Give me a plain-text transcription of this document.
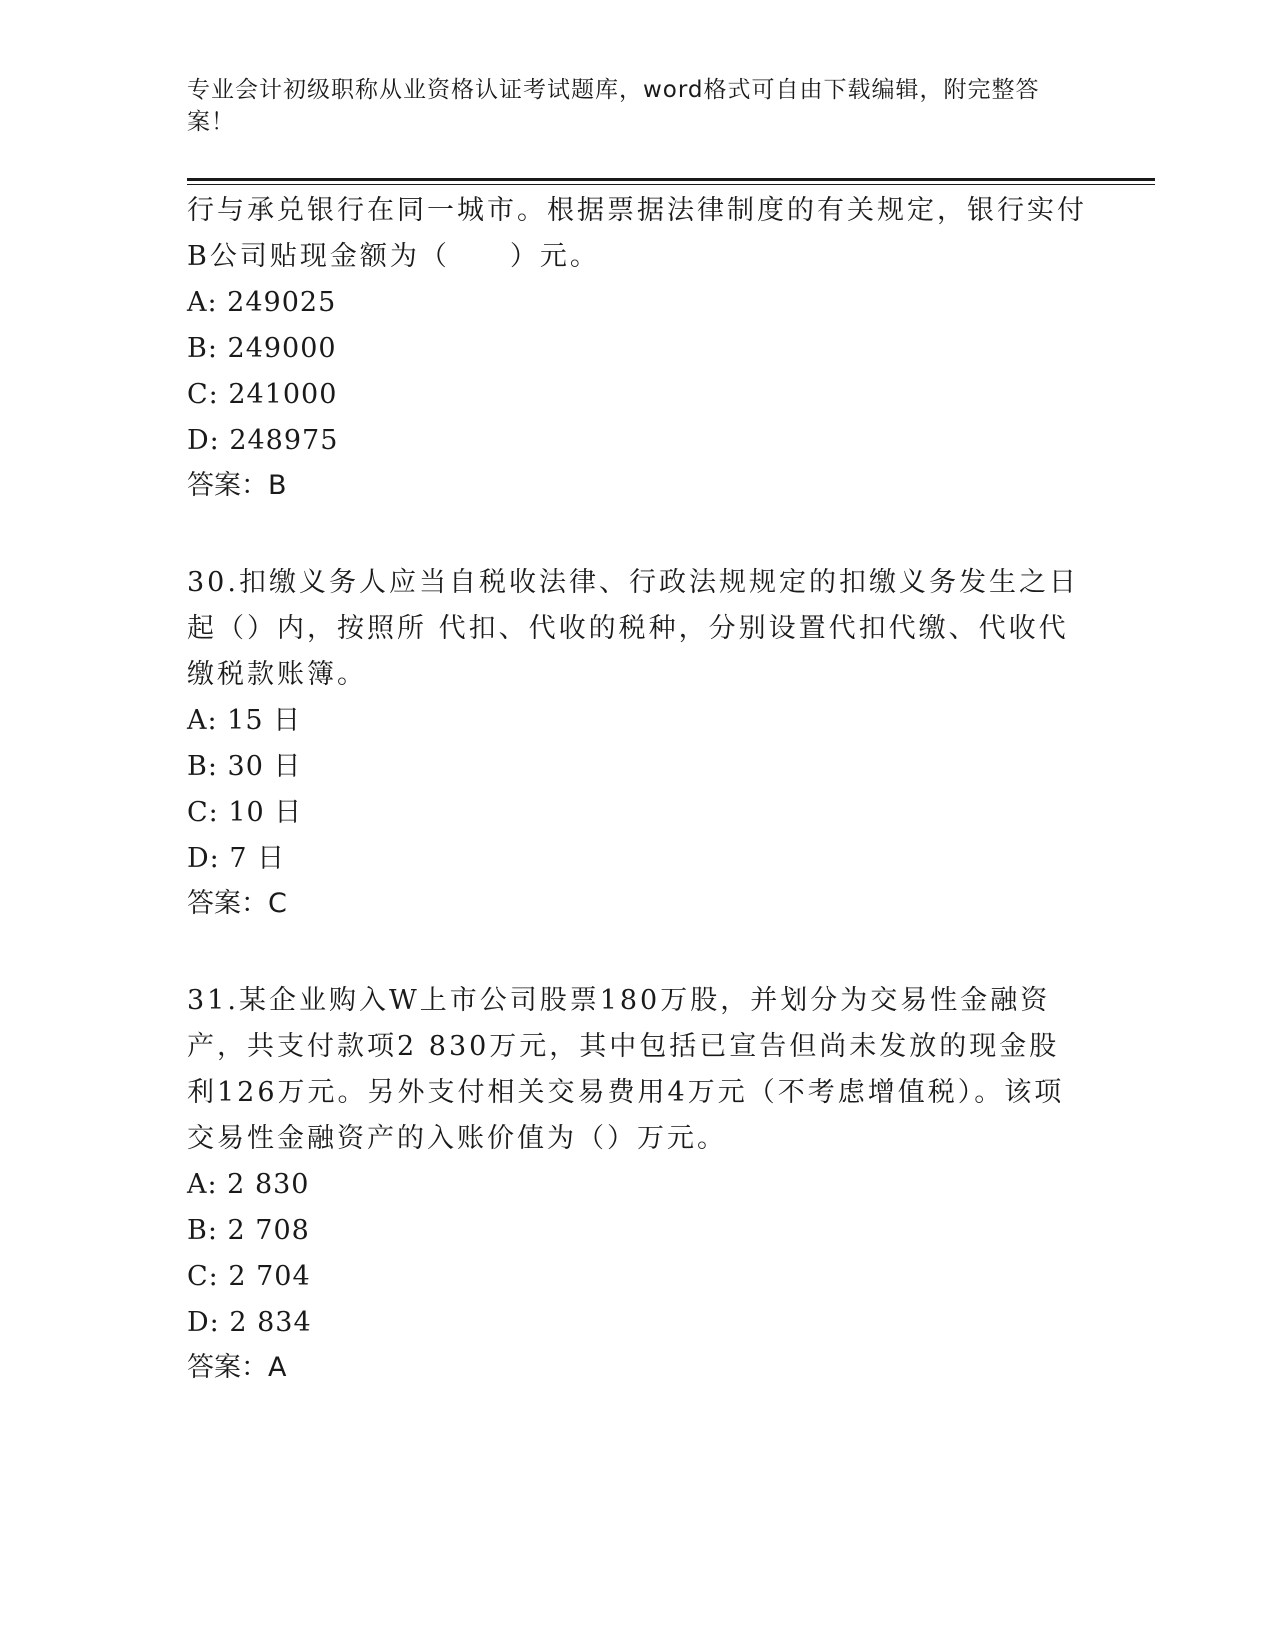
专业会计初级职称从业资格认证考试题库，word格式可自由下载编辑，附完整答案！

行与承兑银行在同一城市。根据票据法律制度的有关规定，银行实付B公司贴现金额为（　　）元。

A: 249025

B: 249000

C: 241000

D: 248975

答案：B

30.扣缴义务人应当自税收法律、行政法规规定的扣缴义务发生之日起（）内，按照所 代扣、代收的税种，分别设置代扣代缴、代收代缴税款账簿。

A: 15 日

B: 30 日

C: 10 日

D: 7 日

答案：C

31.某企业购入W上市公司股票180万股，并划分为交易性金融资产，共支付款项2 830万元，其中包括已宣告但尚未发放的现金股利126万元。另外支付相关交易费用4万元（不考虑增值税）。该项交易性金融资产的入账价值为（）万元。

A: 2 830

B: 2 708

C: 2 704

D: 2 834

答案：A
